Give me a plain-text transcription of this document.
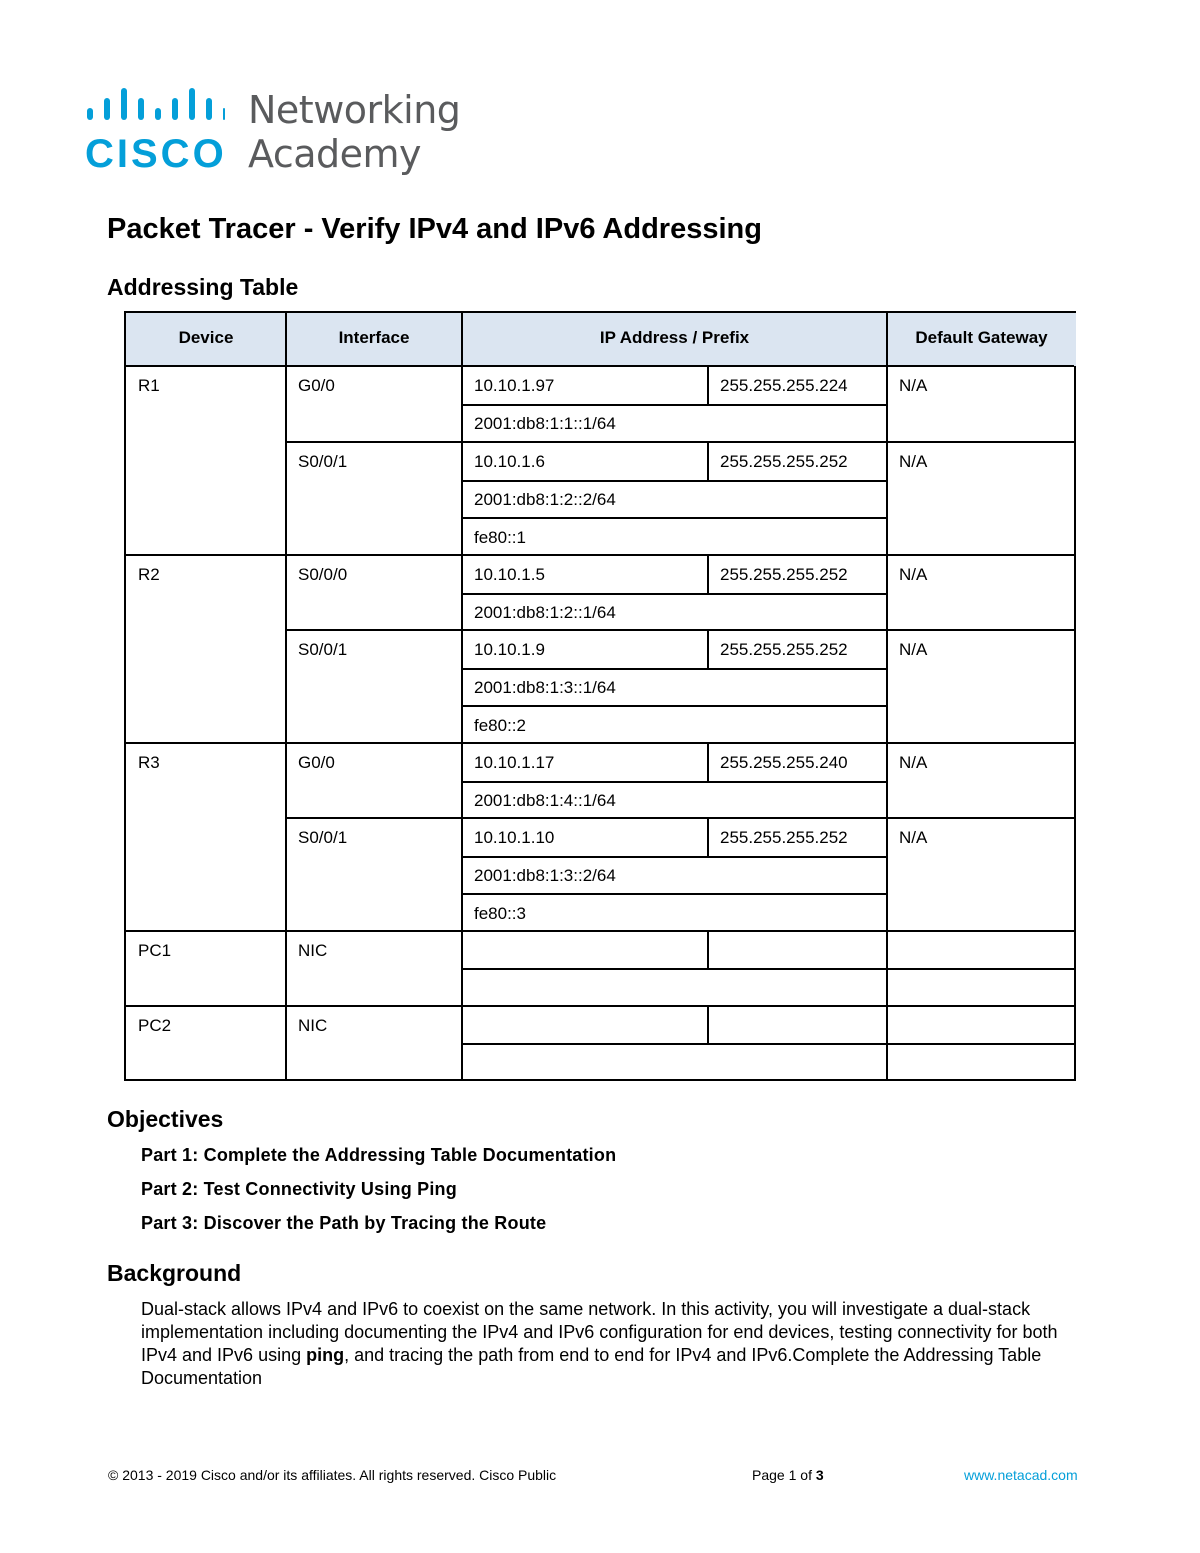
CISCO
Networking
Academy
Packet Tracer - Verify IPv4 and IPv6 Addressing
Addressing Table
Device	Interface	IP Address / Prefix	Default Gateway
R1	G0/0	10.10.1.97	255.255.255.224	N/A
2001:db8:1:1::1/64
S0/0/1	10.10.1.6	255.255.255.252	N/A
2001:db8:1:2::2/64
fe80::1
R2	S0/0/0	10.10.1.5	255.255.255.252	N/A
2001:db8:1:2::1/64
S0/0/1	10.10.1.9	255.255.255.252	N/A
2001:db8:1:3::1/64
fe80::2
R3	G0/0	10.10.1.17	255.255.255.240	N/A
2001:db8:1:4::1/64
S0/0/1	10.10.1.10	255.255.255.252	N/A
2001:db8:1:3::2/64
fe80::3
PC1	NIC
PC2	NIC
Objectives
Part 1: Complete the Addressing Table Documentation
Part 2: Test Connectivity Using Ping
Part 3: Discover the Path by Tracing the Route
Background
Dual-stack allows IPv4 and IPv6 to coexist on the same network. In this activity, you will investigate a dual-stack implementation including documenting the IPv4 and IPv6 configuration for end devices, testing connectivity for both IPv4 and IPv6 using ping, and tracing the path from end to end for IPv4 and IPv6.Complete the Addressing Table Documentation
© 2013 - 2019 Cisco and/or its affiliates. All rights reserved. Cisco Public	Page 1 of 3	www.netacad.com
